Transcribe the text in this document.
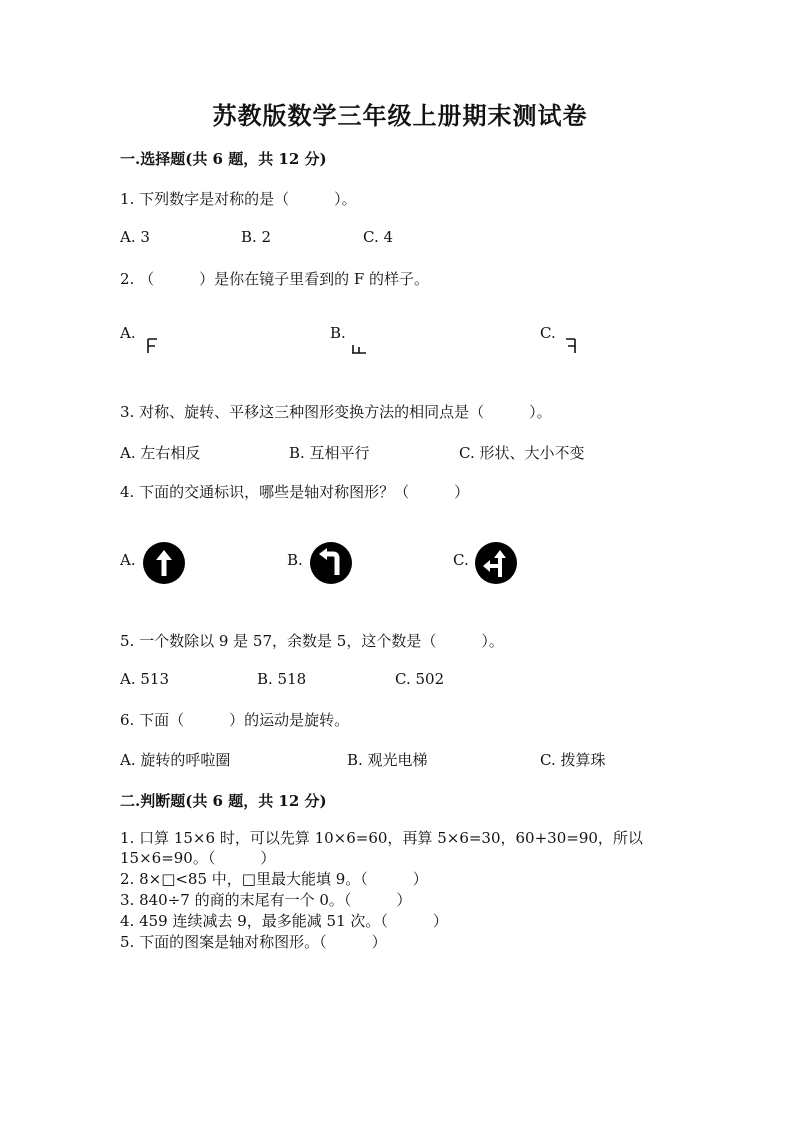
苏教版数学三年级上册期末测试卷
一.选择题(共 6 题，共 12 分)
1. 下列数字是对称的是（　　　）。
A. 3	B. 2	C. 4
2. （　　　）是你在镜子里看到的 F 的样子。
A.	B.	C.
3. 对称、旋转、平移这三种图形变换方法的相同点是（　　　）。
A. 左右相反	B. 互相平行	C. 形状、大小不变
4. 下面的交通标识，哪些是轴对称图形？（　　　）
A.	B.	C.
5. 一个数除以 9 是 57，余数是 5，这个数是（　　　）。
A. 513	B. 518	C. 502
6. 下面（　　　）的运动是旋转。
A. 旋转的呼啦圈	B. 观光电梯	C. 拨算珠
二.判断题(共 6 题，共 12 分)
1. 口算 15×6 时，可以先算 10×6=60，再算 5×6=30，60+30=90，所以
15×6=90。（　　　）
2. 8×□<85 中，□里最大能填 9。（　　　）
3. 840÷7 的商的末尾有一个 0。（　　　）
4. 459 连续减去 9，最多能减 51 次。（　　　）
5. 下面的图案是轴对称图形。（　　　）
